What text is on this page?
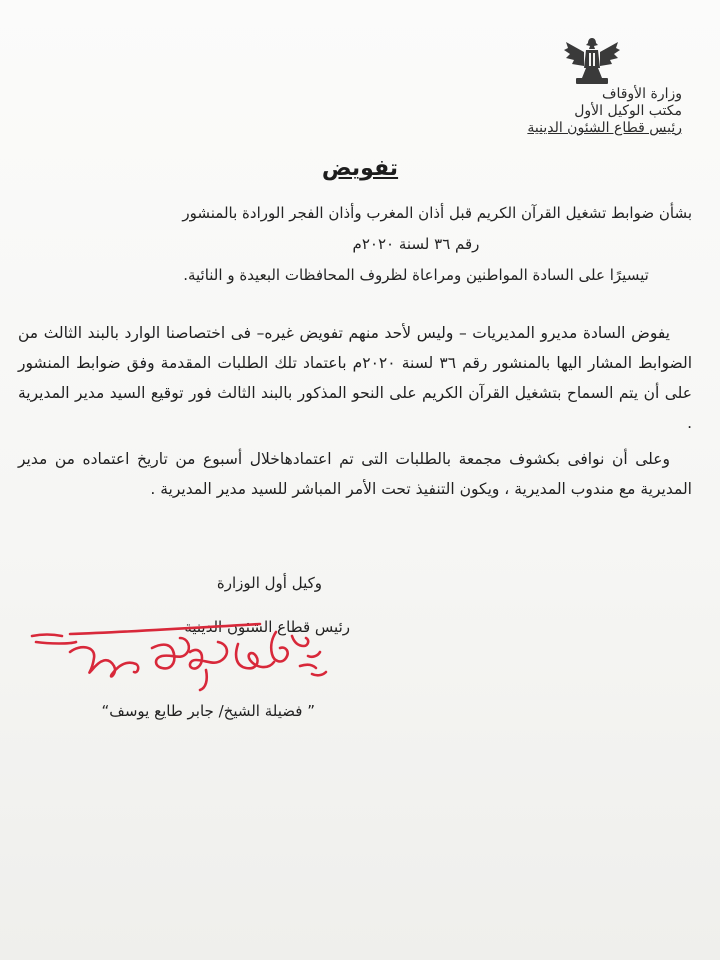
وزارة الأوقاف
مكتب الوكيل الأول
رئيس قطاع الشئون الدينية
تفويض
بشأن ضوابط تشغيل القرآن الكريم قبل أذان المغرب وأذان الفجر الورادة بالمنشور
رقم ٣٦ لسنة ٢٠٢٠م
تيسيرًا على السادة المواطنين ومراعاة لظروف المحافظات البعيدة و النائية.

يفوض السادة مديرو المديريات – وليس لأحد منهم تفويض غيره– فى اختصاصنا الوارد بالبند الثالث من الضوابط المشار اليها بالمنشور رقم ٣٦ لسنة ٢٠٢٠م باعتماد تلك الطلبات المقدمة وفق ضوابط المنشور على أن يتم السماح بتشغيل القرآن الكريم على النحو المذكور بالبند الثالث فور توقيع السيد مدير المديرية .

وعلى أن نوافى بكشوف مجمعة بالطلبات التى تم اعتمادهاخلال أسبوع من تاريخ اعتماده من مدير المديرية مع مندوب المديرية ، ويكون التنفيذ تحت الأمر المباشر للسيد مدير المديرية .

وكيل أول الوزارة
رئيس قطاع الشئون الدينية
” فضيلة الشيخ/ جابر طايع يوسف“
